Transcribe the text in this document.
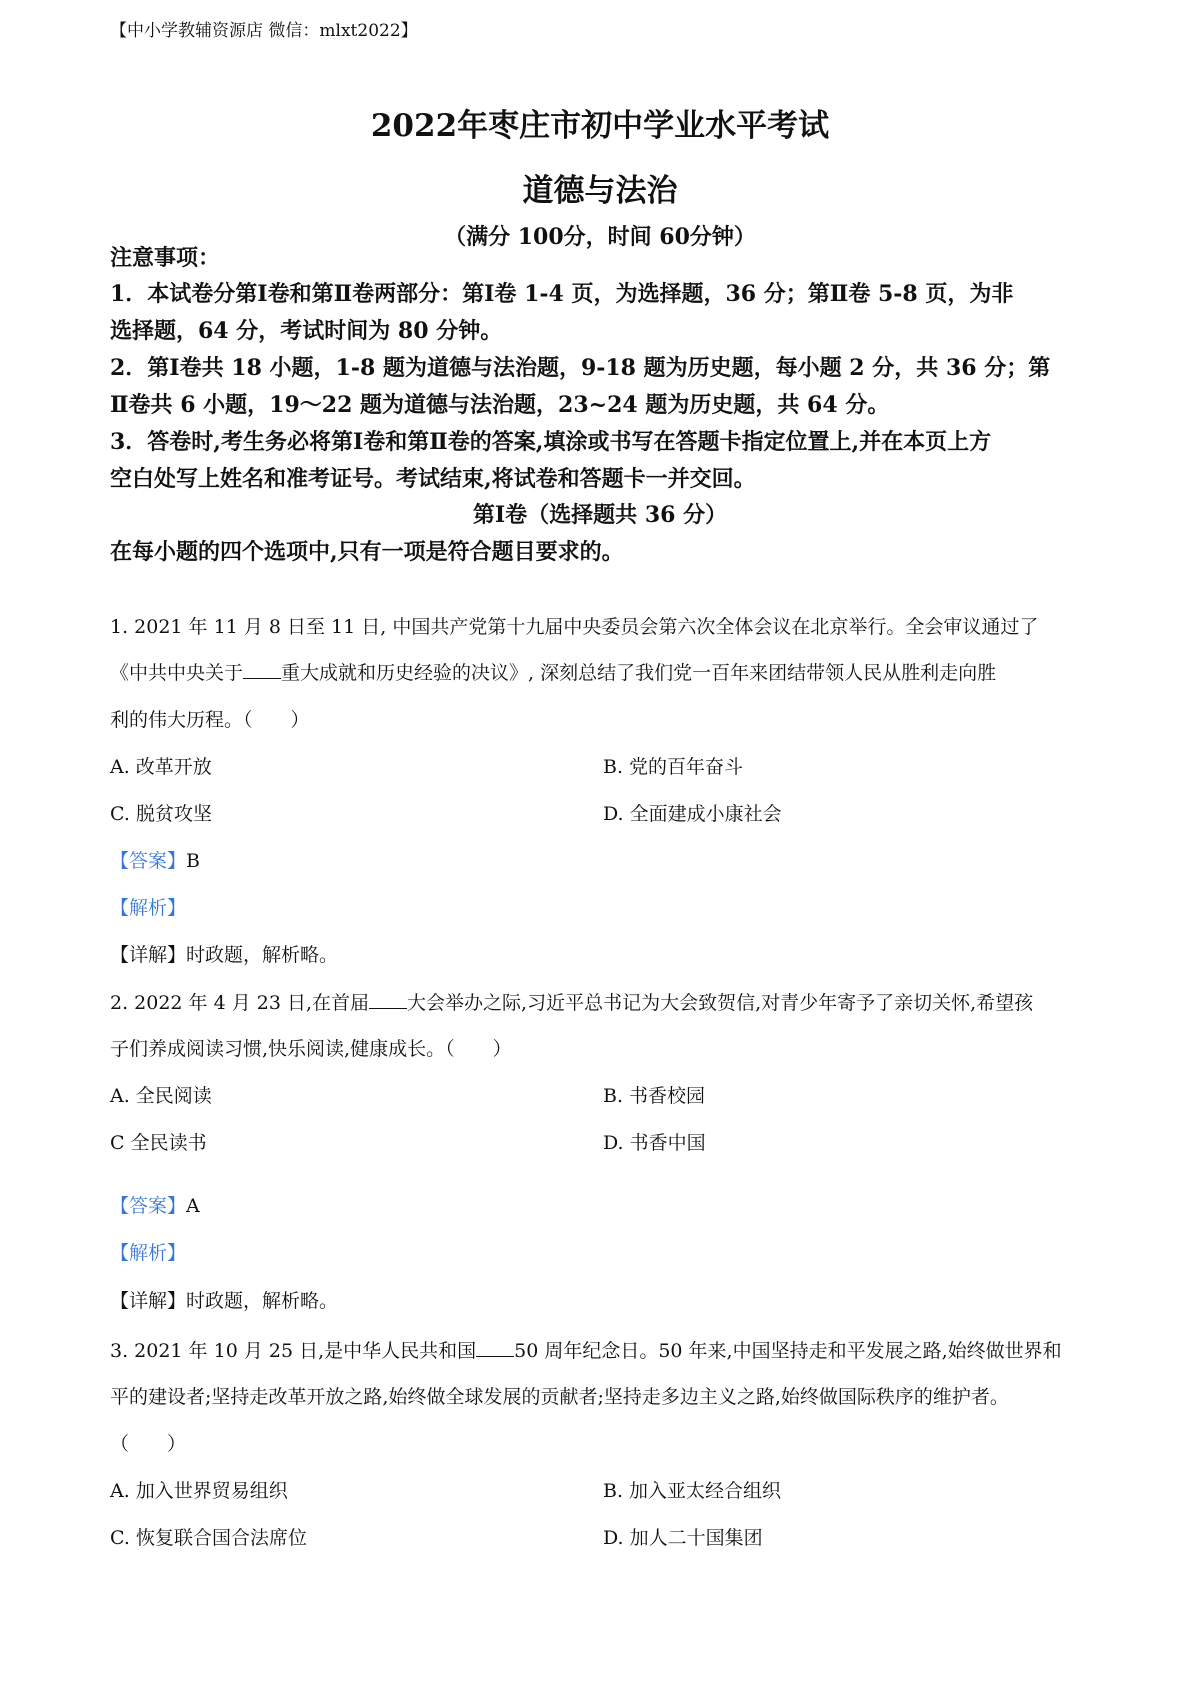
【中小学教辅资源店 微信：mlxt2022】
2022年枣庄市初中学业水平考试
道德与法治
（满分 100分，时间 60分钟）
注意事项：
1．本试卷分第Ⅰ卷和第Ⅱ卷两部分：第Ⅰ卷 1-4 页，为选择题，36 分；第Ⅱ卷 5-8 页，为非
选择题，64 分，考试时间为 80 分钟。
2．第Ⅰ卷共 18 小题，1-8 题为道德与法治题，9-18 题为历史题，每小题 2 分，共 36 分；第
Ⅱ卷共 6 小题，19～22 题为道德与法治题，23~24 题为历史题，共 64 分。
3．答卷时,考生务必将第Ⅰ卷和第Ⅱ卷的答案,填涂或书写在答题卡指定位置上,并在本页上方
空白处写上姓名和准考证号。考试结束,将试卷和答题卡一并交回。
第Ⅰ卷（选择题共 36 分）
在每小题的四个选项中,只有一项是符合题目要求的。
1. 2021 年 11 月 8 日至 11 日, 中国共产党第十九届中央委员会第六次全体会议在北京举行。全会审议通过了
《中共中央关于 重大成就和历史经验的决议》, 深刻总结了我们党一百年来团结带领人民从胜利走向胜
利的伟大历程。（　　）
A. 改革开放	B. 党的百年奋斗
C. 脱贫攻坚	D. 全面建成小康社会
【答案】B
【解析】
【详解】时政题，解析略。
2. 2022 年 4 月 23 日,在首届 大会举办之际,习近平总书记为大会致贺信,对青少年寄予了亲切关怀,希望孩
子们养成阅读习惯,快乐阅读,健康成长。（　　）
A. 全民阅读	B. 书香校园
C 全民读书	D. 书香中国
【答案】A
【解析】
【详解】时政题，解析略。
3. 2021 年 10 月 25 日,是中华人民共和国 50 周年纪念日。50 年来,中国坚持走和平发展之路,始终做世界和
平的建设者;坚持走改革开放之路,始终做全球发展的贡献者;坚持走多边主义之路,始终做国际秩序的维护者。
（　　）
A. 加入世界贸易组织	B. 加入亚太经合组织
C. 恢复联合国合法席位	D. 加人二十国集团
